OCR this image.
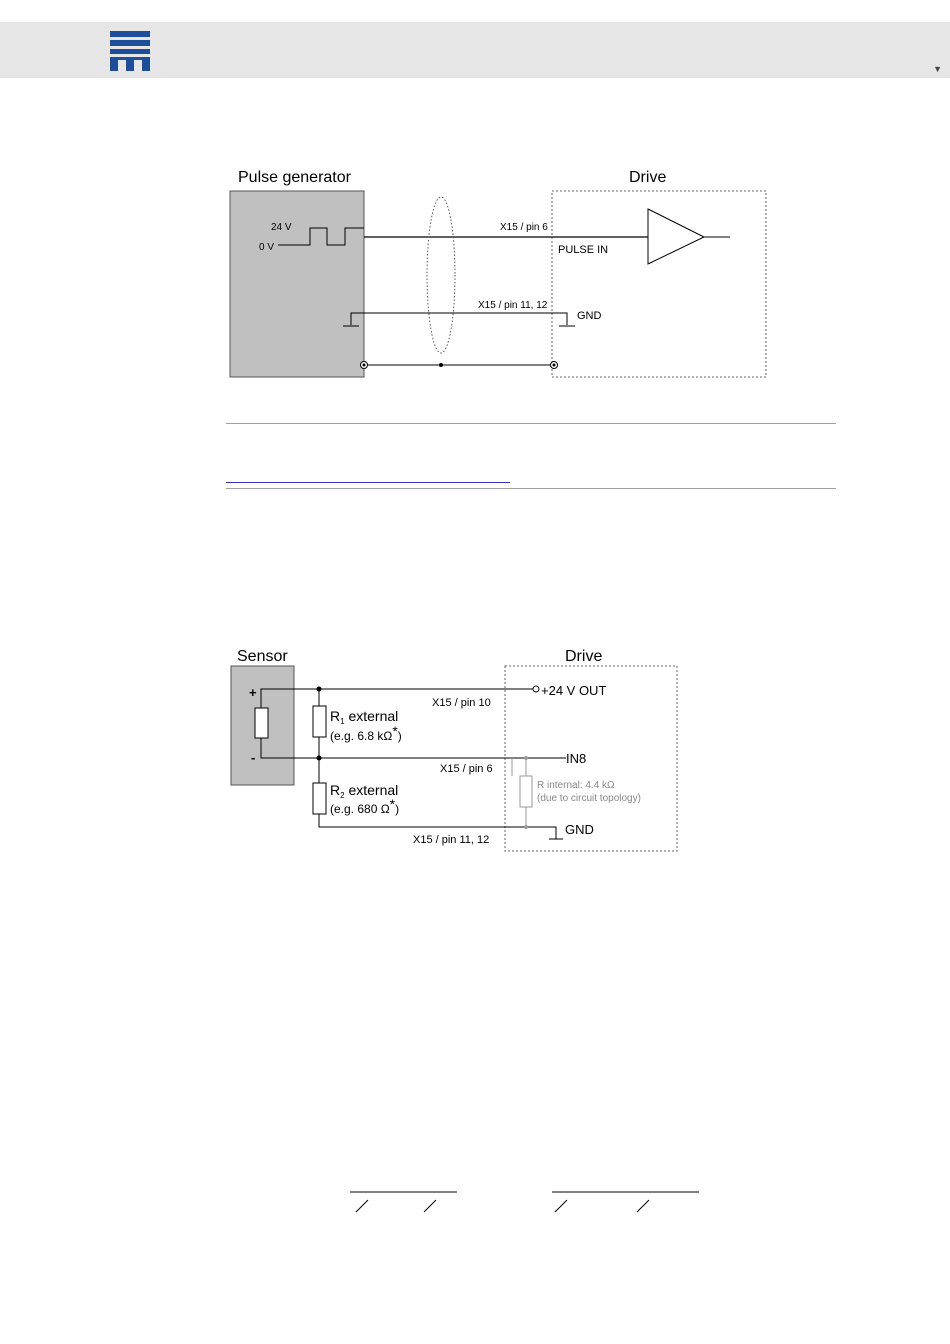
▼
Pulse generator	Drive
24 V
0 V
X15 / pin 6
PULSE IN
X15 / pin 11, 12
GND
Sensor	Drive
+
-
$R_1$ external
(e.g. 6.8 kΩ*)
$R_2$ external
(e.g. 680 Ω*)
X15 / pin 10
+24 V OUT
X15 / pin 6
IN8
R internal: 4.4 kΩ
(due to circuit topology)
X15 / pin 11, 12
GND
